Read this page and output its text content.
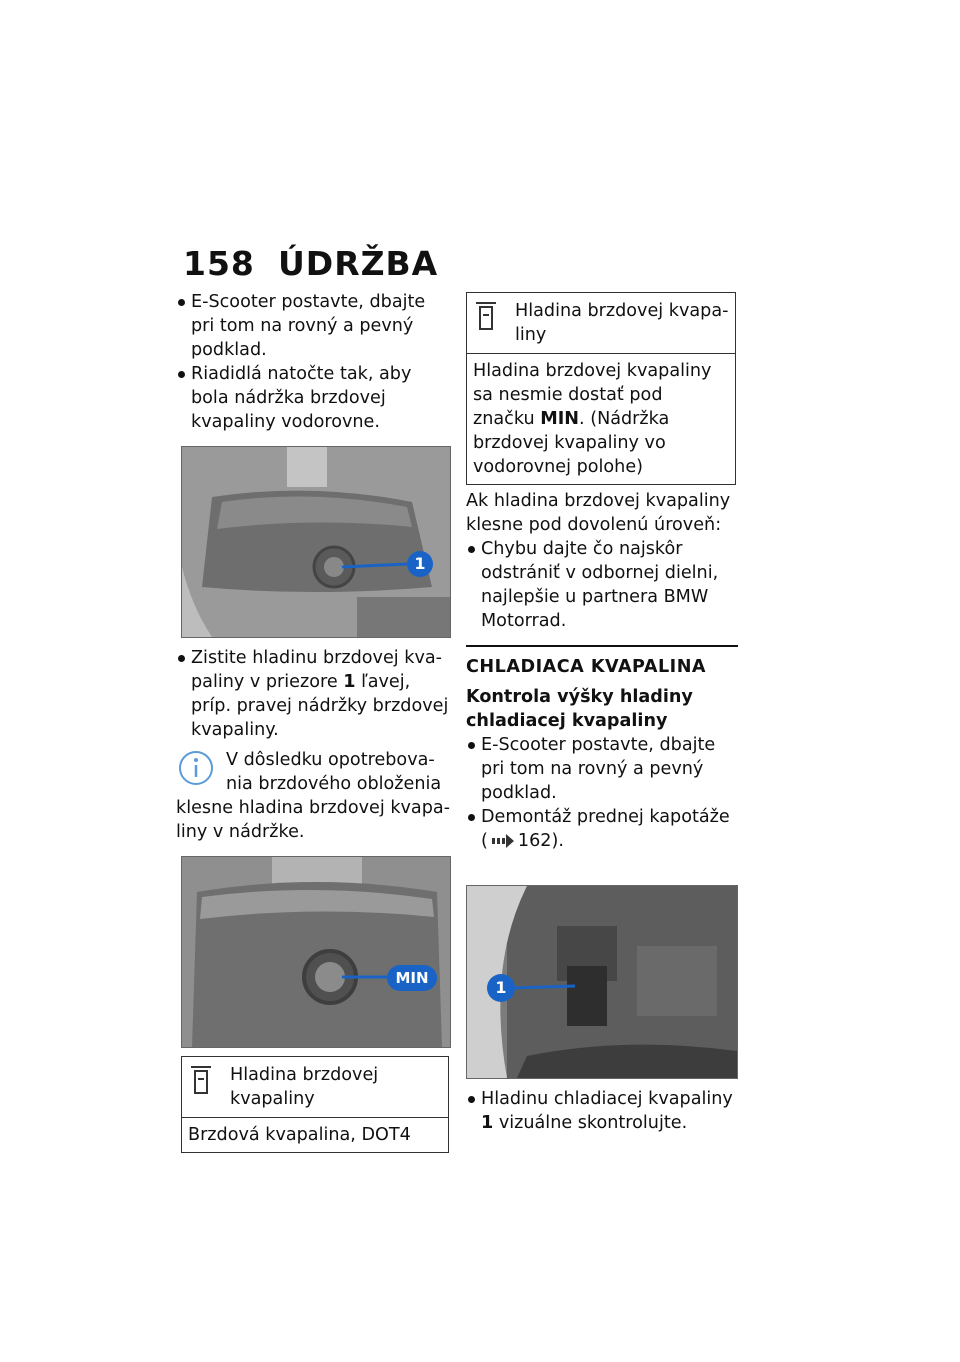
158 ÚDRŽBA

E-Scooter postavte, dbajte pri tom na rovný a pevný podklad.

Riadidlá natočte tak, aby bola nádržka brzdovej kvapaliny vodorovne.

1

Zistite hladinu brzdovej kvapaliny v priezore 1 ľavej, príp. pravej nádržky brzdovej kvapaliny.

V dôsledku opotrebovania brzdového obloženia klesne hladina brzdovej kvapaliny v nádržke.
MIN
Hladina brzdovej kvapaliny
Brzdová kvapalina, DOT4
Hladina brzdovej kvapaliny
Hladina brzdovej kvapaliny sa nesmie dostať pod značku MIN. (Nádržka brzdovej kvapaliny vo vodorovnej polohe)

Ak hladina brzdovej kvapaliny klesne pod dovolenú úroveň:

Chybu dajte čo najskôr odstrániť v odbornej dielni, najlepšie u partnera BMW Motorrad.

CHLADIACA KVAPALINA
Kontrola výšky hladiny chladiacej kvapaliny

E-Scooter postavte, dbajte pri tom na rovný a pevný podklad.

Demontáž prednej kapotáže ( 162).

1

Hladinu chladiacej kvapaliny 1 vizuálne skontrolujte.
